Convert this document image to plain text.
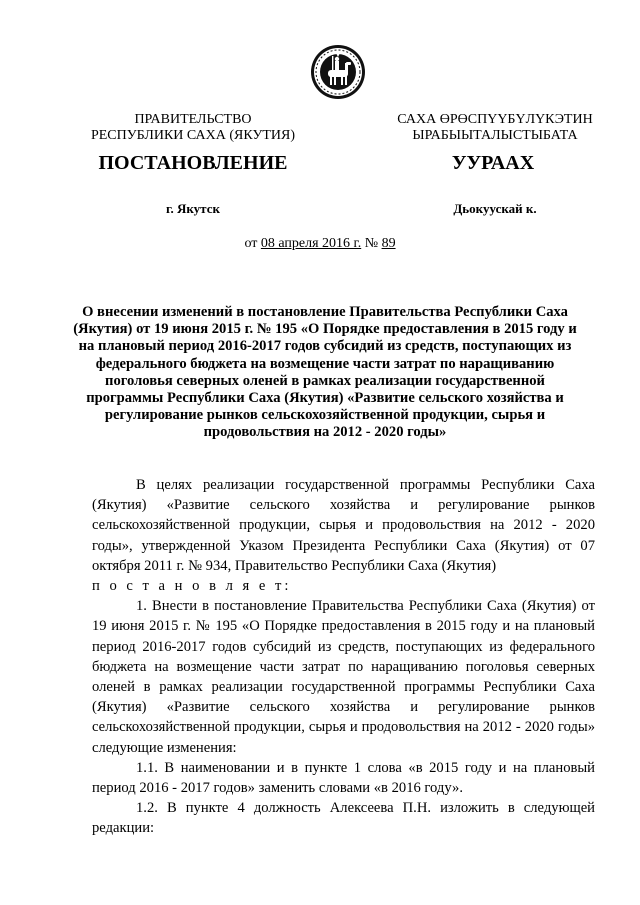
ПРАВИТЕЛЬСТВО
РЕСПУБЛИКИ САХА (ЯКУТИЯ)
САХА ӨРӨСПҮҮБҮЛҮКЭТИН
ЫРАБЫЫТАЛЫСТЫБАТА
ПОСТАНОВЛЕНИЕ	УУРААХ
г. Якутск	Дьокуускай к.
от 08 апреля 2016 г. № 89
О внесении изменений в постановление Правительства Республики Саха (Якутия) от 19 июня 2015 г. № 195 «О Порядке предоставления в 2015 году и на плановый период 2016-2017 годов субсидий из средств, поступающих из федерального бюджета на возмещение части затрат по наращиванию поголовья северных оленей в рамках реализации государственной программы Республики Саха (Якутия) «Развитие сельского хозяйства и регулирование рынков сельскохозяйственной продукции, сырья и продовольствия на 2012 - 2020 годы»

В целях реализации государственной программы Республики Саха (Якутия) «Развитие сельского хозяйства и регулирование рынков сельскохозяйственной продукции, сырья и продовольствия на 2012 - 2020 годы», утвержденной Указом Президента Республики Саха (Якутия) от 07 октября 2011 г. № 934, Правительство Республики Саха (Якутия)

п о с т а н о в л я е т:

1. Внести в постановление Правительства Республики Саха (Якутия) от 19 июня 2015 г. № 195 «О Порядке предоставления в 2015 году и на плановый период 2016-2017 годов субсидий из средств, поступающих из федерального бюджета на возмещение части затрат по наращиванию поголовья северных оленей в рамках реализации государственной программы Республики Саха (Якутия) «Развитие сельского хозяйства и регулирование рынков сельскохозяйственной продукции, сырья и продовольствия на 2012 - 2020 годы» следующие изменения:

1.1. В наименовании и в пункте 1 слова «в 2015 году и на плановый период 2016 - 2017 годов» заменить словами «в 2016 году».

1.2. В пункте 4 должность Алексеева П.Н. изложить в следующей редакции:
